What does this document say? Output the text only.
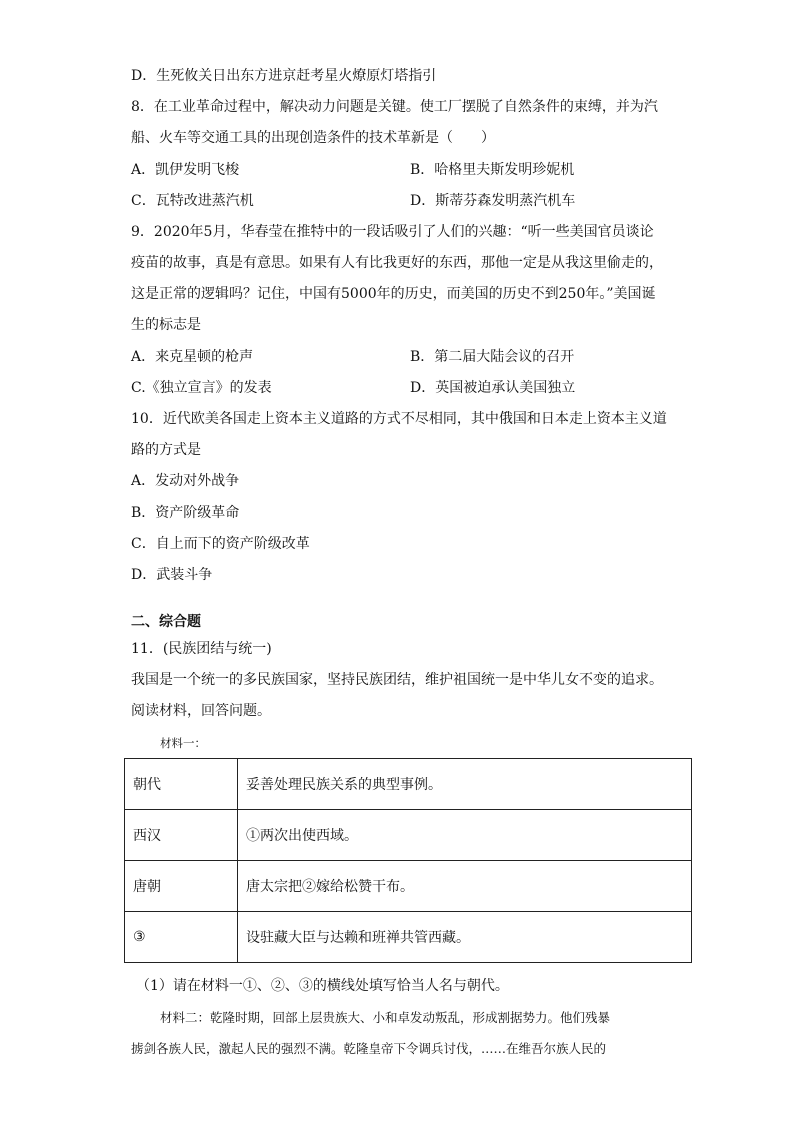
D．生死攸关日出东方进京赶考星火燎原灯塔指引
8．在工业革命过程中，解决动力问题是关键。使工厂摆脱了自然条件的束缚，并为汽
船、火车等交通工具的出现创造条件的技术革新是（　　）
A．凯伊发明飞梭	B．哈格里夫斯发明珍妮机
C．瓦特改进蒸汽机	D．斯蒂芬森发明蒸汽机车
9．2020年5月，华春莹在推特中的一段话吸引了人们的兴趣：“听一些美国官员谈论
疫苗的故事，真是有意思。如果有人有比我更好的东西，那他一定是从我这里偷走的，
这是正常的逻辑吗？记住，中国有5000年的历史，而美国的历史不到250年。”美国诞
生的标志是
A．来克星顿的枪声	B．第二届大陆会议的召开
C.《独立宣言》的发表	D．英国被迫承认美国独立
10．近代欧美各国走上资本主义道路的方式不尽相同，其中俄国和日本走上资本主义道
路的方式是
A．发动对外战争
B．资产阶级革命
C．自上而下的资产阶级改革
D．武装斗争
二、综合题
11．(民族团结与统一)
我国是一个统一的多民族国家，坚持民族团结，维护祖国统一是中华儿女不变的追求。
阅读材料，回答问题。
材料一：
朝代	妥善处理民族关系的典型事例。
西汉	①两次出使西域。
唐朝	唐太宗把②嫁给松赞干布。
③	设驻藏大臣与达赖和班禅共管西藏。
（1）请在材料一①、②、③的横线处填写恰当人名与朝代。
材料二：乾隆时期，回部上层贵族大、小和卓发动叛乱，形成割据势力。他们残暴
掳剑各族人民，激起人民的强烈不满。乾隆皇帝下令调兵讨伐，……在维吾尔族人民的
